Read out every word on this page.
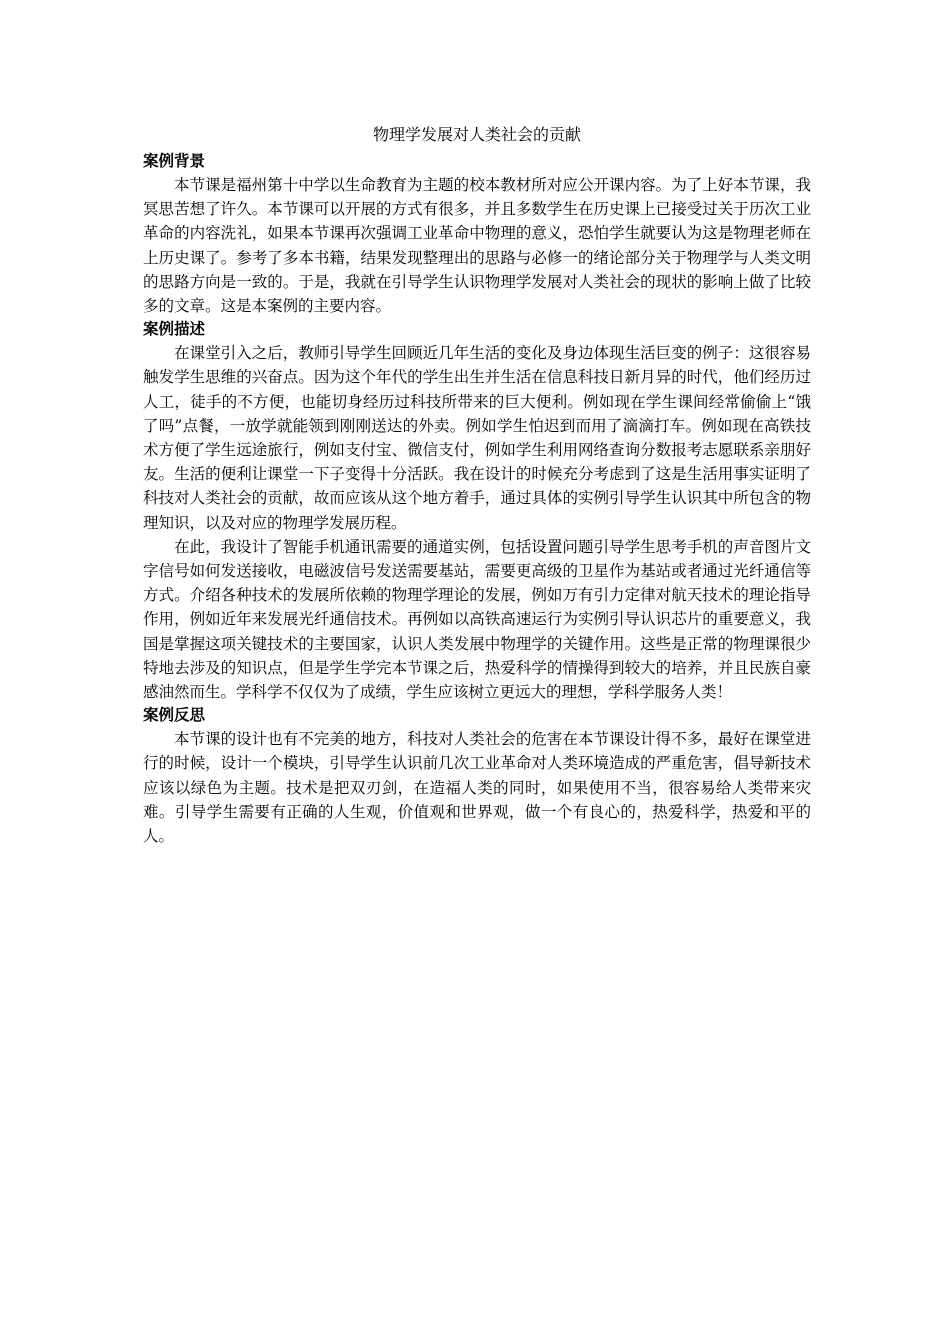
物理学发展对人类社会的贡献
案例背景

本节课是福州第十中学以生命教育为主题的校本教材所对应公开课内容。为了上好本节课，我冥思苦想了许久。本节课可以开展的方式有很多，并且多数学生在历史课上已接受过关于历次工业革命的内容洗礼，如果本节课再次强调工业革命中物理的意义，恐怕学生就要认为这是物理老师在上历史课了。参考了多本书籍，结果发现整理出的思路与必修一的绪论部分关于物理学与人类文明的思路方向是一致的。于是，我就在引导学生认识物理学发展对人类社会的现状的影响上做了比较多的文章。这是本案例的主要内容。

案例描述

在课堂引入之后，教师引导学生回顾近几年生活的变化及身边体现生活巨变的例子：这很容易触发学生思维的兴奋点。因为这个年代的学生出生并生活在信息科技日新月异的时代，他们经历过人工，徒手的不方便，也能切身经历过科技所带来的巨大便利。例如现在学生课间经常偷偷上“饿了吗”点餐，一放学就能领到刚刚送达的外卖。例如学生怕迟到而用了滴滴打车。例如现在高铁技术方便了学生远途旅行，例如支付宝、微信支付，例如学生利用网络查询分数报考志愿联系亲朋好友。生活的便利让课堂一下子变得十分活跃。我在设计的时候充分考虑到了这是生活用事实证明了科技对人类社会的贡献，故而应该从这个地方着手，通过具体的实例引导学生认识其中所包含的物理知识，以及对应的物理学发展历程。

在此，我设计了智能手机通讯需要的通道实例，包括设置问题引导学生思考手机的声音图片文字信号如何发送接收，电磁波信号发送需要基站，需要更高级的卫星作为基站或者通过光纤通信等方式。介绍各种技术的发展所依赖的物理学理论的发展，例如万有引力定律对航天技术的理论指导作用，例如近年来发展光纤通信技术。再例如以高铁高速运行为实例引导认识芯片的重要意义，我国是掌握这项关键技术的主要国家，认识人类发展中物理学的关键作用。这些是正常的物理课很少特地去涉及的知识点，但是学生学完本节课之后，热爱科学的情操得到较大的培养，并且民族自豪感油然而生。学科学不仅仅为了成绩，学生应该树立更远大的理想，学科学服务人类！

案例反思

本节课的设计也有不完美的地方，科技对人类社会的危害在本节课设计得不多，最好在课堂进行的时候，设计一个模块，引导学生认识前几次工业革命对人类环境造成的严重危害，倡导新技术应该以绿色为主题。技术是把双刃剑，在造福人类的同时，如果使用不当，很容易给人类带来灾难。引导学生需要有正确的人生观，价值观和世界观，做一个有良心的，热爱科学，热爱和平的人。
